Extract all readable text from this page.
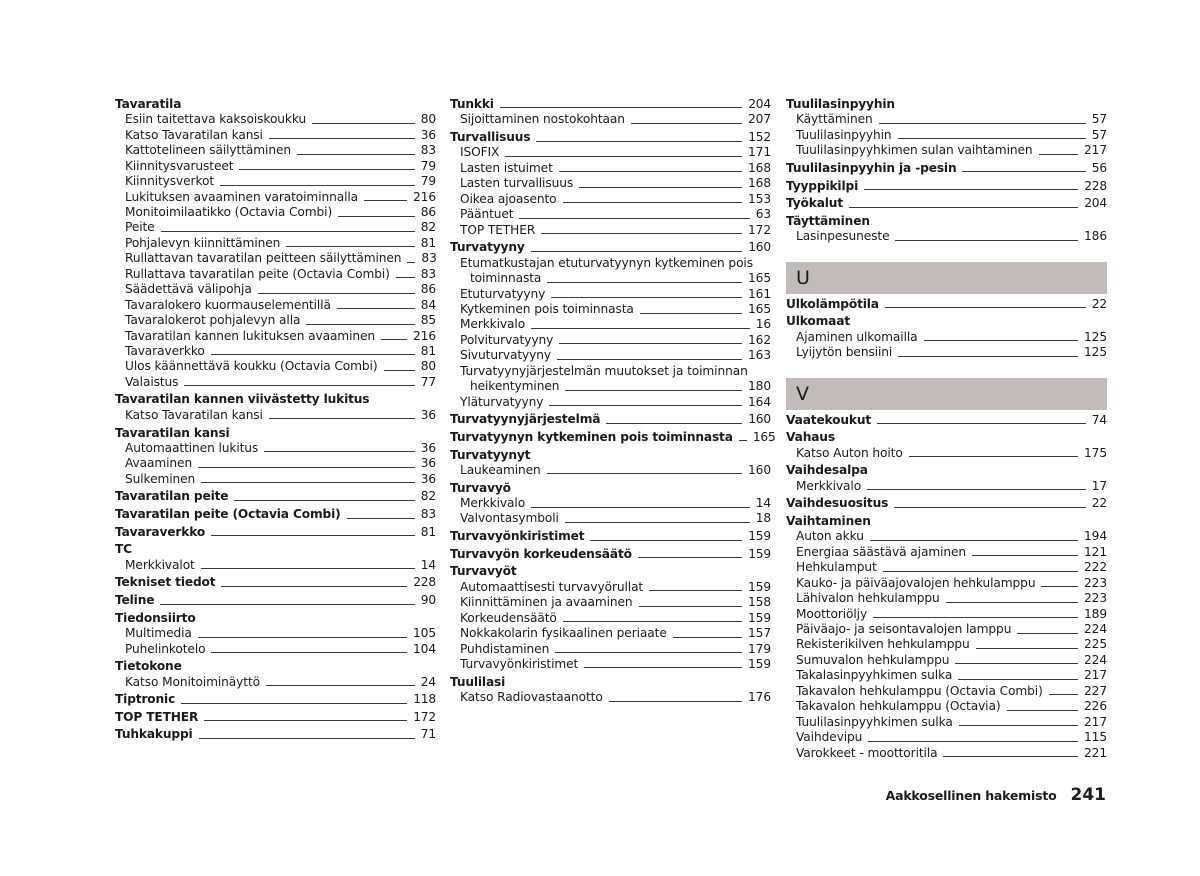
Tavaratila
Esiin taitettava kaksoiskoukku	80
Katso Tavaratilan kansi	36
Kattotelineen säilyttäminen	83
Kiinnitysvarusteet	79
Kiinnitysverkot	79
Lukituksen avaaminen varatoiminnalla	216
Monitoimilaatikko (Octavia Combi)	86
Peite	82
Pohjalevyn kiinnittäminen	81
Rullattavan tavaratilan peitteen säilyttäminen 83
Rullattava tavaratilan peite (Octavia Combi)	83
Säädettävä välipohja	86
Tavaralokero kuormauselementillä	84
Tavaralokerot pohjalevyn alla	85
Tavaratilan kannen lukituksen avaaminen	216
Tavaraverkko	81
Ulos käännettävä koukku (Octavia Combi)	80
Valaistus	77
Tavaratilan kannen viivästetty lukitus
Katso Tavaratilan kansi	36
Tavaratilan kansi
Automaattinen lukitus	36
Avaaminen	36
Sulkeminen	36
Tavaratilan peite	82
Tavaratilan peite (Octavia Combi)	83
Tavaraverkko	81
TC
Merkkivalot	14
Tekniset tiedot	228
Teline	90
Tiedonsiirto
Multimedia	105
Puhelinkotelo	104
Tietokone
Katso Monitoiminäyttö	24
Tiptronic	118
TOP TETHER	172
Tuhkakuppi	71
Tunkki	204
Sijoittaminen nostokohtaan	207
Turvallisuus	152
ISOFIX	171
Lasten istuimet	168
Lasten turvallisuus	168
Oikea ajoasento	153
Pääntuet	63
TOP TETHER	172
Turvatyyny	160
Etumatkustajan etuturvatyynyn kytkeminen pois
toiminnasta	165
Etuturvatyyny	161
Kytkeminen pois toiminnasta	165
Merkkivalo	16
Polviturvatyyny	162
Sivuturvatyyny	163
Turvatyynyjärjestelmän muutokset ja toiminnan
heikentyminen	180
Yläturvatyyny	164
Turvatyynyjärjestelmä	160
Turvatyynyn kytkeminen pois toiminnasta 165
Turvatyynyt
Laukeaminen	160
Turvavyö
Merkkivalo	14
Valvontasymboli	18
Turvavyönkiristimet	159
Turvavyön korkeudensäätö	159
Turvavyöt
Automaattisesti turvavyörullat	159
Kiinnittäminen ja avaaminen	158
Korkeudensäätö	159
Nokkakolarin fysikaalinen periaate	157
Puhdistaminen	179
Turvavyönkiristimet	159
Tuulilasi
Katso Radiovastaanotto	176
Tuulilasinpyyhin
Käyttäminen	57
Tuulilasinpyyhin	57
Tuulilasinpyyhkimen sulan vaihtaminen	217
Tuulilasinpyyhin ja -pesin	56
Tyyppikilpi	228
Työkalut	204
Täyttäminen
Lasinpesuneste	186
U
Ulkolämpötila	22
Ulkomaat
Ajaminen ulkomailla	125
Lyijytön bensiini	125
V
Vaatekoukut	74
Vahaus
Katso Auton hoito	175
Vaihdesalpa
Merkkivalo	17
Vaihdesuositus	22
Vaihtaminen
Auton akku	194
Energiaa säästävä ajaminen	121
Hehkulamput	222
Kauko- ja päiväajovalojen hehkulamppu	223
Lähivalon hehkulamppu	223
Moottoriöljy	189
Päiväajo- ja seisontavalojen lamppu	224
Rekisterikilven hehkulamppu	225
Sumuvalon hehkulamppu	224
Takalasinpyyhkimen sulka	217
Takavalon hehkulamppu (Octavia Combi)	227
Takavalon hehkulamppu (Octavia)	226
Tuulilasinpyyhkimen sulka	217
Vaihdevipu	115
Varokkeet - moottoritila	221
Aakkosellinen hakemisto 241
